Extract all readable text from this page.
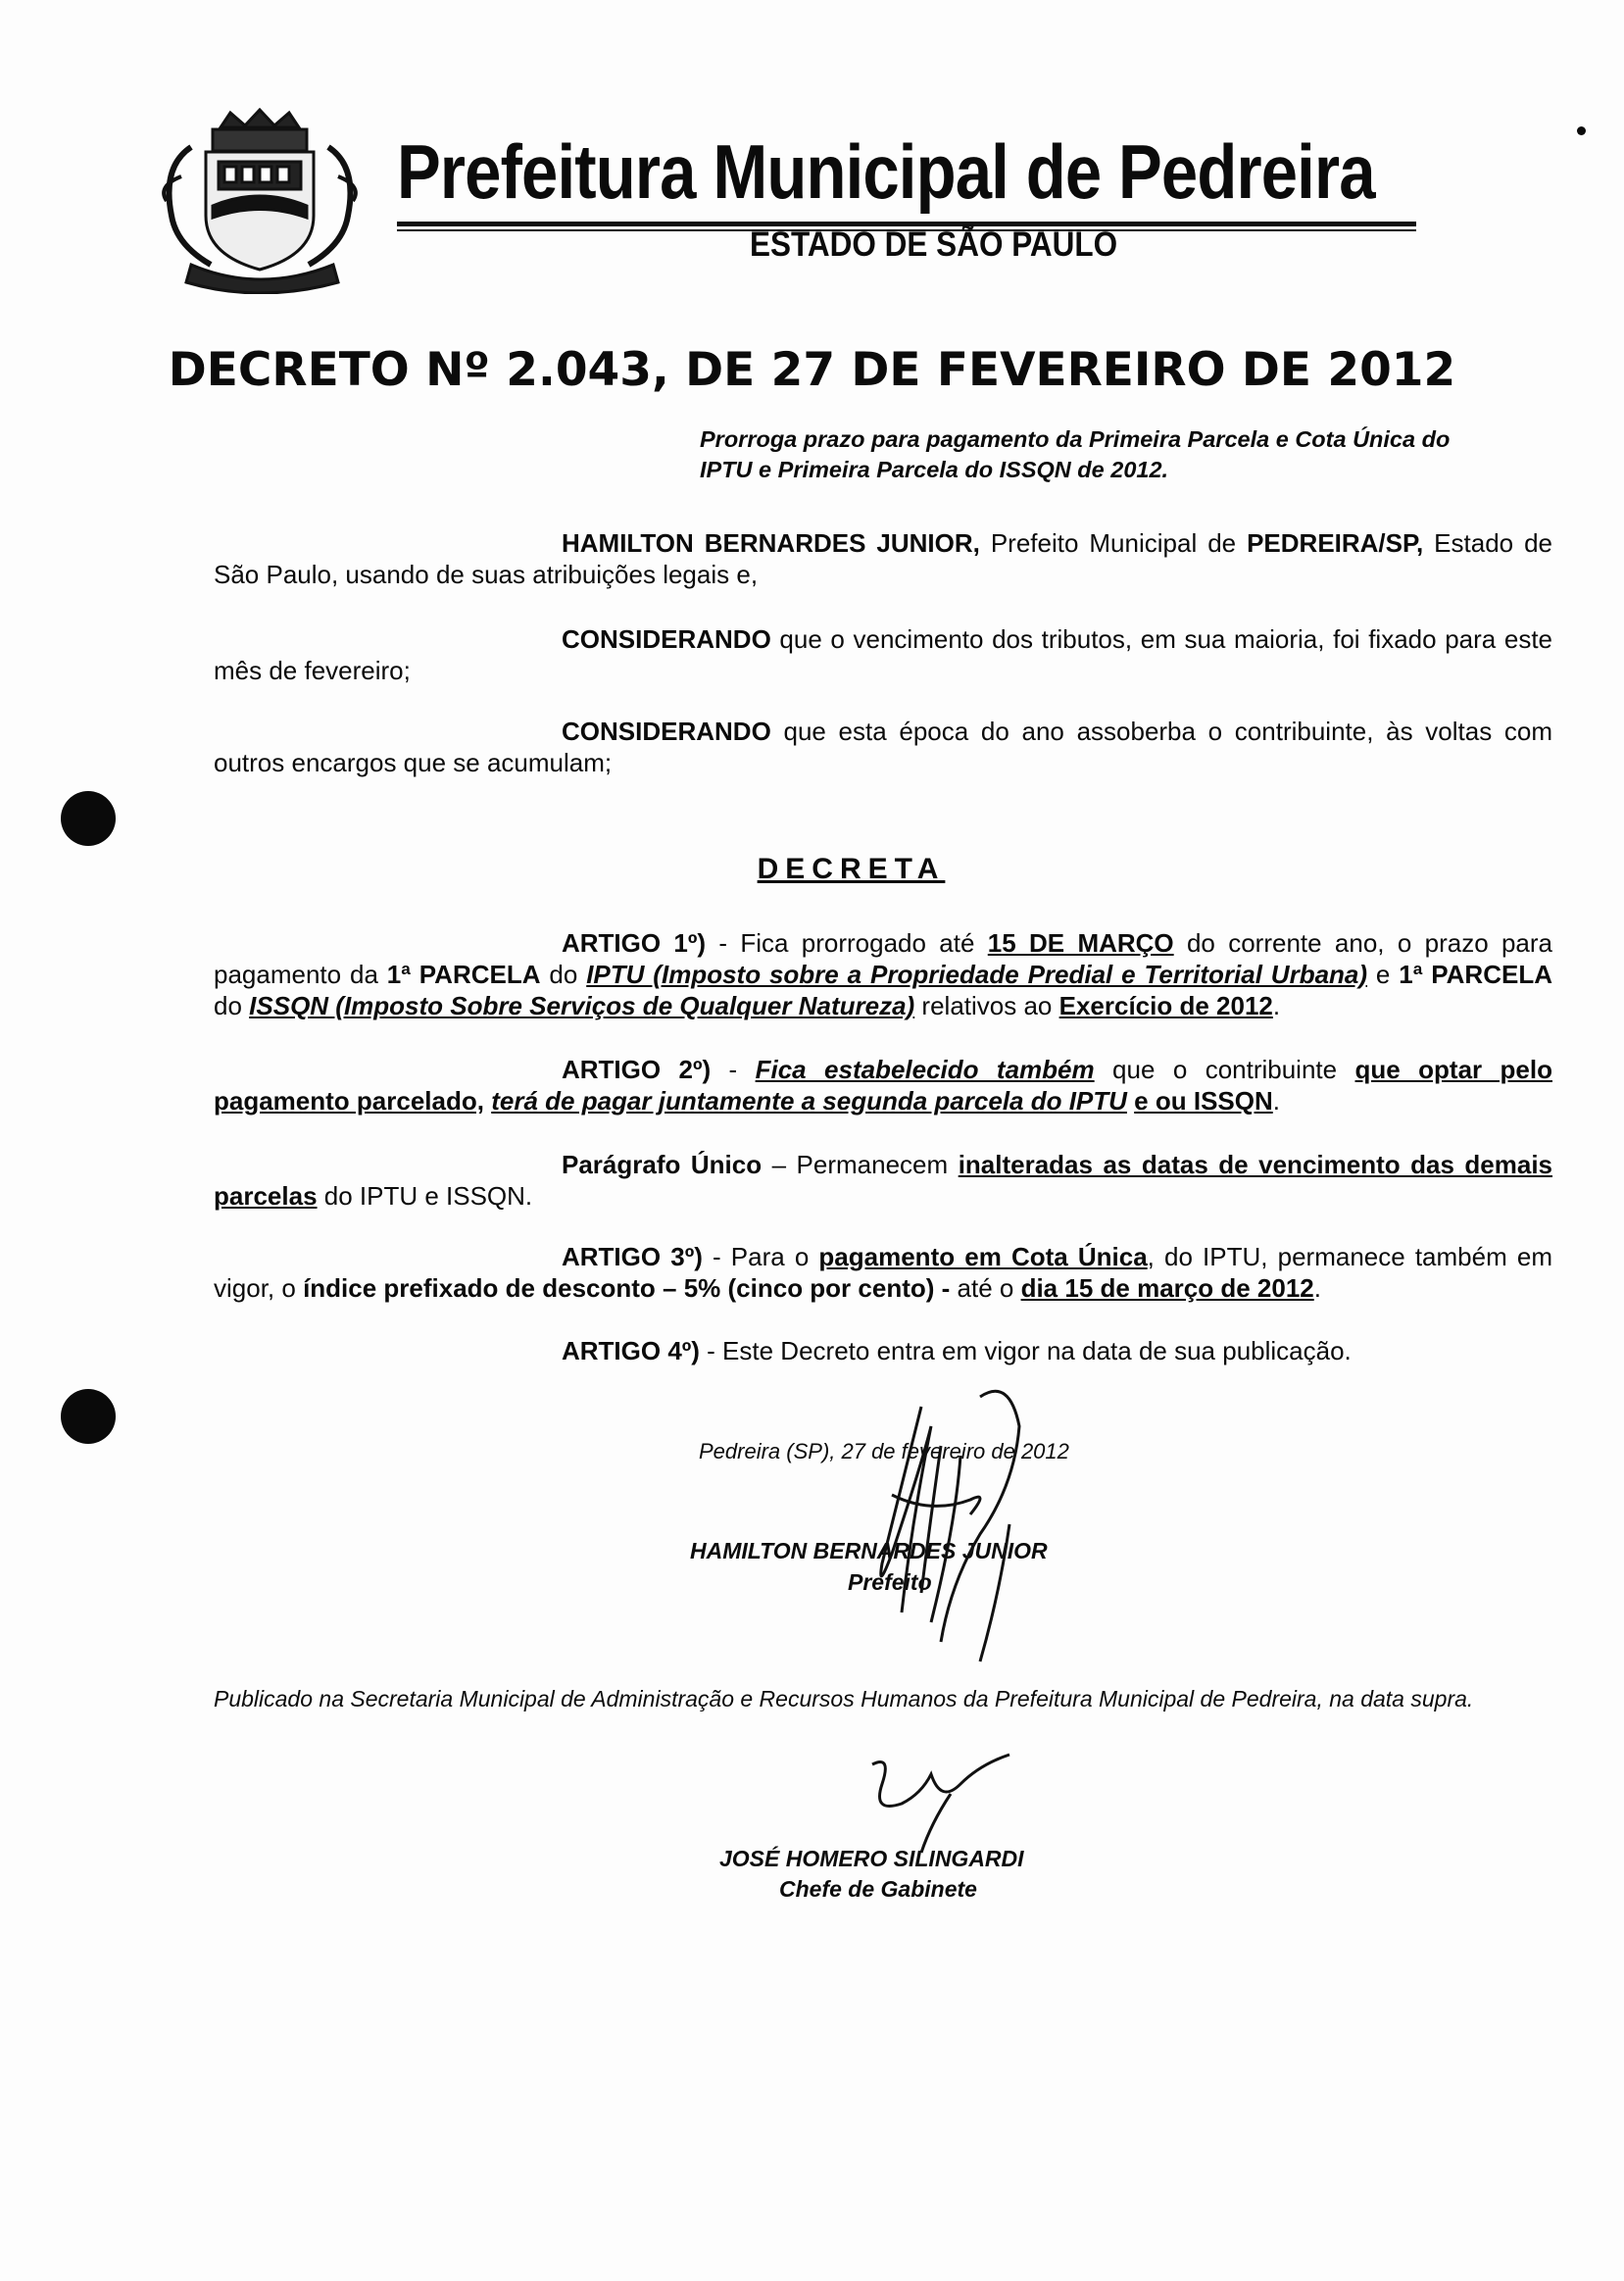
Prefeitura Municipal de Pedreira
ESTADO DE SÃO PAULO
DECRETO Nº 2.043, DE 27 DE FEVEREIRO DE 2012
Prorroga prazo para pagamento da Primeira Parcela e Cota Única do IPTU e Primeira Parcela do ISSQN de 2012.
HAMILTON BERNARDES JUNIOR, Prefeito Municipal de PEDREIRA/SP, Estado de São Paulo, usando de suas atribuições legais e,
CONSIDERANDO que o vencimento dos tributos, em sua maioria, foi fixado para este mês de fevereiro;
CONSIDERANDO que esta época do ano assoberba o contribuinte, às voltas com outros encargos que se acumulam;
DECRETA
ARTIGO 1º) - Fica prorrogado até 15 DE MARÇO do corrente ano, o prazo para pagamento da 1ª PARCELA do IPTU (Imposto sobre a Propriedade Predial e Territorial Urbana) e 1ª PARCELA do ISSQN (Imposto Sobre Serviços de Qualquer Natureza) relativos ao Exercício de 2012.
ARTIGO 2º) - Fica estabelecido também que o contribuinte que optar pelo pagamento parcelado, terá de pagar juntamente a segunda parcela do IPTU e ou ISSQN.
Parágrafo Único – Permanecem inalteradas as datas de vencimento das demais parcelas do IPTU e ISSQN.
ARTIGO 3º) - Para o pagamento em Cota Única, do IPTU, permanece também em vigor, o índice prefixado de desconto – 5% (cinco por cento) - até o dia 15 de março de 2012.
ARTIGO 4º) - Este Decreto entra em vigor na data de sua publicação.
Pedreira (SP), 27 de fevereiro de 2012
HAMILTON BERNARDES JUNIOR
Prefeito
Publicado na Secretaria Municipal de Administração e Recursos Humanos da Prefeitura Municipal de Pedreira, na data supra.
JOSÉ HOMERO SILINGARDI
Chefe de Gabinete
